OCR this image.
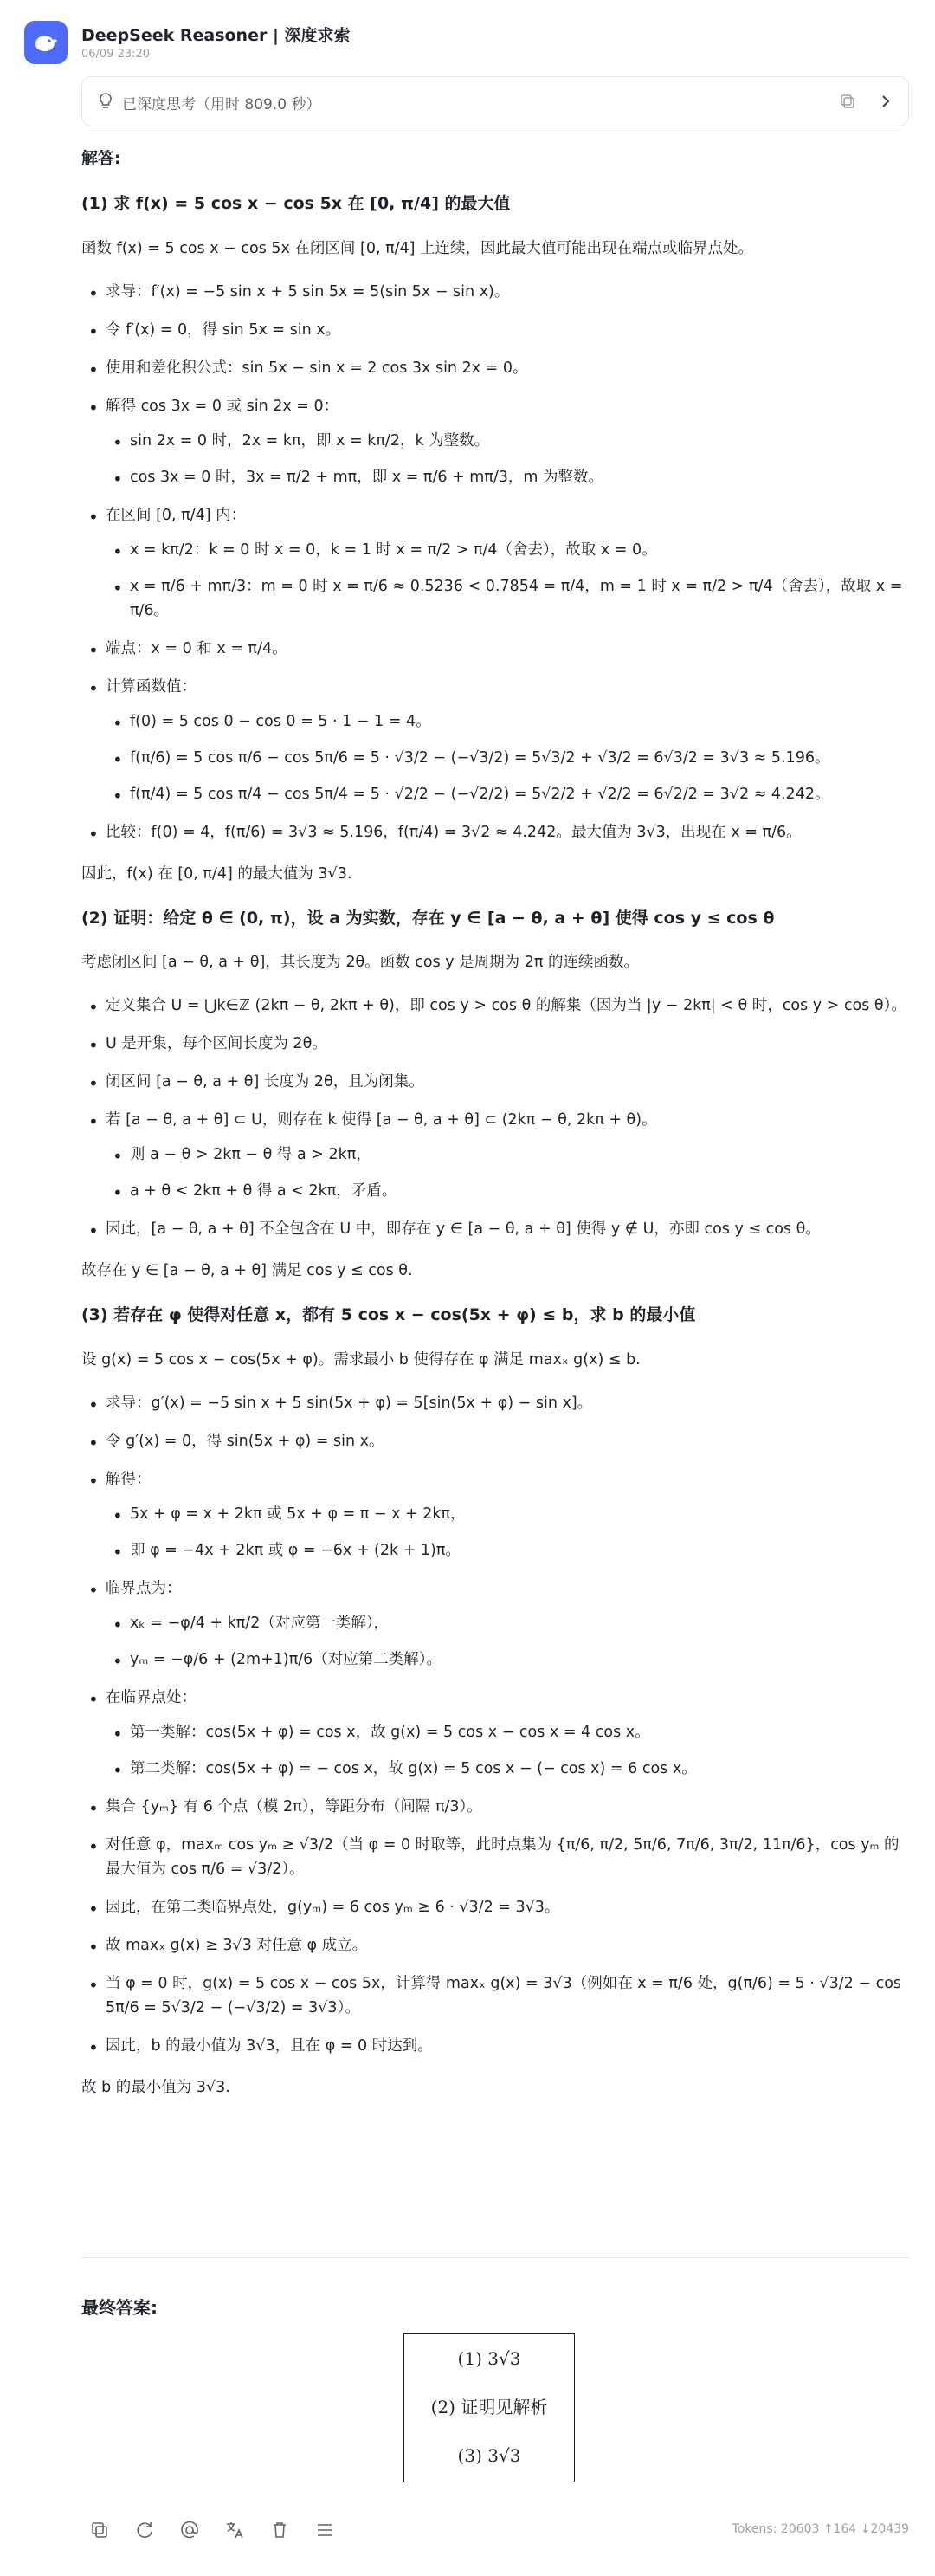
DeepSeek Reasoner | 深度求索
06/09 23:20
已深度思考（用时 809.0 秒）
解答:
(1) 求 f(x) = 5 cos x − cos 5x 在 [0, π/4] 的最大值
函数 f(x) = 5 cos x − cos 5x 在闭区间 [0, π/4] 上连续，因此最大值可能出现在端点或临界点处。
• 求导：f′(x) = −5 sin x + 5 sin 5x = 5(sin 5x − sin x)。
• 令 f′(x) = 0，得 sin 5x = sin x。
• 使用和差化积公式：sin 5x − sin x = 2 cos 3x sin 2x = 0。
• 解得 cos 3x = 0 或 sin 2x = 0：
• sin 2x = 0 时，2x = kπ，即 x = kπ/2，k 为整数。
• cos 3x = 0 时，3x = π/2 + mπ，即 x = π/6 + mπ/3，m 为整数。
• 在区间 [0, π/4] 内：
• x = kπ/2：k = 0 时 x = 0，k = 1 时 x = π/2 > π/4（舍去），故取 x = 0。
• x = π/6 + mπ/3：m = 0 时 x = π/6 ≈ 0.5236 < 0.7854 = π/4，m = 1 时 x = π/2 > π/4（舍去），故取 x = π/6。
• 端点：x = 0 和 x = π/4。
• 计算函数值：
• f(0) = 5 cos 0 − cos 0 = 5 · 1 − 1 = 4。
• f(π/6) = 5 cos π/6 − cos 5π/6 = 5 · √3/2 − (−√3/2) = 5√3/2 + √3/2 = 6√3/2 = 3√3 ≈ 5.196。
• f(π/4) = 5 cos π/4 − cos 5π/4 = 5 · √2/2 − (−√2/2) = 5√2/2 + √2/2 = 6√2/2 = 3√2 ≈ 4.242。
• 比较：f(0) = 4，f(π/6) = 3√3 ≈ 5.196，f(π/4) = 3√2 ≈ 4.242。最大值为 3√3，出现在 x = π/6。
因此，f(x) 在 [0, π/4] 的最大值为 3√3.
(2) 证明：给定 θ ∈ (0, π)，设 a 为实数，存在 y ∈ [a − θ, a + θ] 使得 cos y ≤ cos θ
考虑闭区间 [a − θ, a + θ]，其长度为 2θ。函数 cos y 是周期为 2π 的连续函数。
• 定义集合 U = ⋃k∈ℤ (2kπ − θ, 2kπ + θ)，即 cos y > cos θ 的解集（因为当 |y − 2kπ| < θ 时，cos y > cos θ）。
• U 是开集，每个区间长度为 2θ。
• 闭区间 [a − θ, a + θ] 长度为 2θ，且为闭集。
• 若 [a − θ, a + θ] ⊂ U，则存在 k 使得 [a − θ, a + θ] ⊂ (2kπ − θ, 2kπ + θ)。
• 则 a − θ > 2kπ − θ 得 a > 2kπ，
• a + θ < 2kπ + θ 得 a < 2kπ，矛盾。
• 因此，[a − θ, a + θ] 不全包含在 U 中，即存在 y ∈ [a − θ, a + θ] 使得 y ∉ U，亦即 cos y ≤ cos θ。
故存在 y ∈ [a − θ, a + θ] 满足 cos y ≤ cos θ.
(3) 若存在 φ 使得对任意 x，都有 5 cos x − cos(5x + φ) ≤ b，求 b 的最小值
设 g(x) = 5 cos x − cos(5x + φ)。需求最小 b 使得存在 φ 满足 maxₓ g(x) ≤ b.
• 求导：g′(x) = −5 sin x + 5 sin(5x + φ) = 5[sin(5x + φ) − sin x]。
• 令 g′(x) = 0，得 sin(5x + φ) = sin x。
• 解得：
• 5x + φ = x + 2kπ 或 5x + φ = π − x + 2kπ，
• 即 φ = −4x + 2kπ 或 φ = −6x + (2k + 1)π。
• 临界点为：
• xₖ = −φ/4 + kπ/2（对应第一类解），
• yₘ = −φ/6 + (2m+1)π/6（对应第二类解）。
• 在临界点处：
• 第一类解：cos(5x + φ) = cos x，故 g(x) = 5 cos x − cos x = 4 cos x。
• 第二类解：cos(5x + φ) = − cos x，故 g(x) = 5 cos x − (− cos x) = 6 cos x。
• 集合 {yₘ} 有 6 个点（模 2π），等距分布（间隔 π/3）。
• 对任意 φ，maxₘ cos yₘ ≥ √3/2（当 φ = 0 时取等，此时点集为 {π/6, π/2, 5π/6, 7π/6, 3π/2, 11π/6}，cos yₘ 的最大值为 cos π/6 = √3/2）。
• 因此，在第二类临界点处，g(yₘ) = 6 cos yₘ ≥ 6 · √3/2 = 3√3。
• 故 maxₓ g(x) ≥ 3√3 对任意 φ 成立。
• 当 φ = 0 时，g(x) = 5 cos x − cos 5x，计算得 maxₓ g(x) = 3√3（例如在 x = π/6 处，g(π/6) = 5 · √3/2 − cos 5π/6 = 5√3/2 − (−√3/2) = 3√3）。
• 因此，b 的最小值为 3√3，且在 φ = 0 时达到。
故 b 的最小值为 3√3.
最终答案:
(1) 3√3
(2) 证明见解析
(3) 3√3
Tokens: 20603 ↑164 ↓20439
